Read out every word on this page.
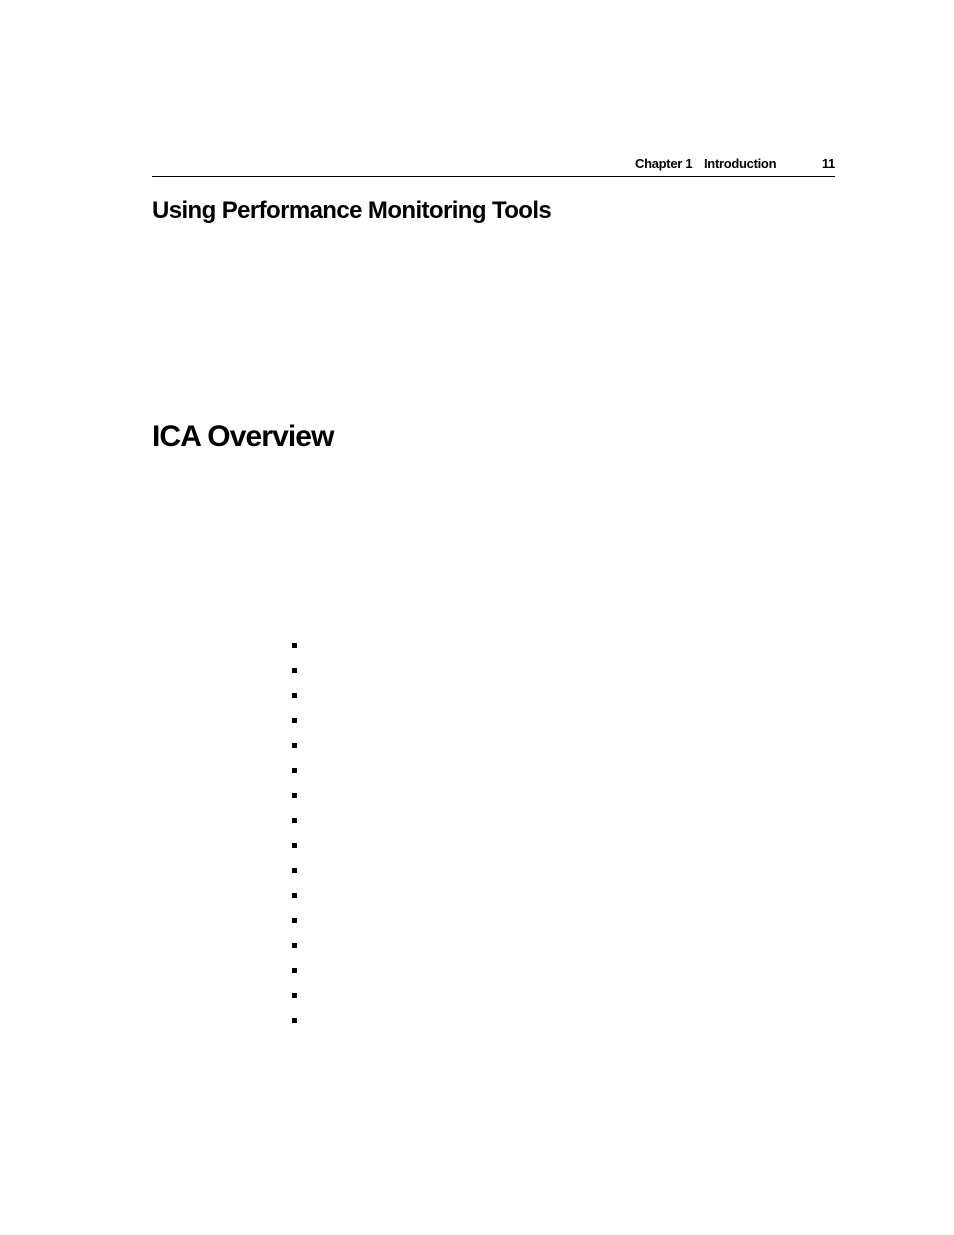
Chapter 1 Introduction	11
Using Performance Monitoring Tools
ICA Overview
